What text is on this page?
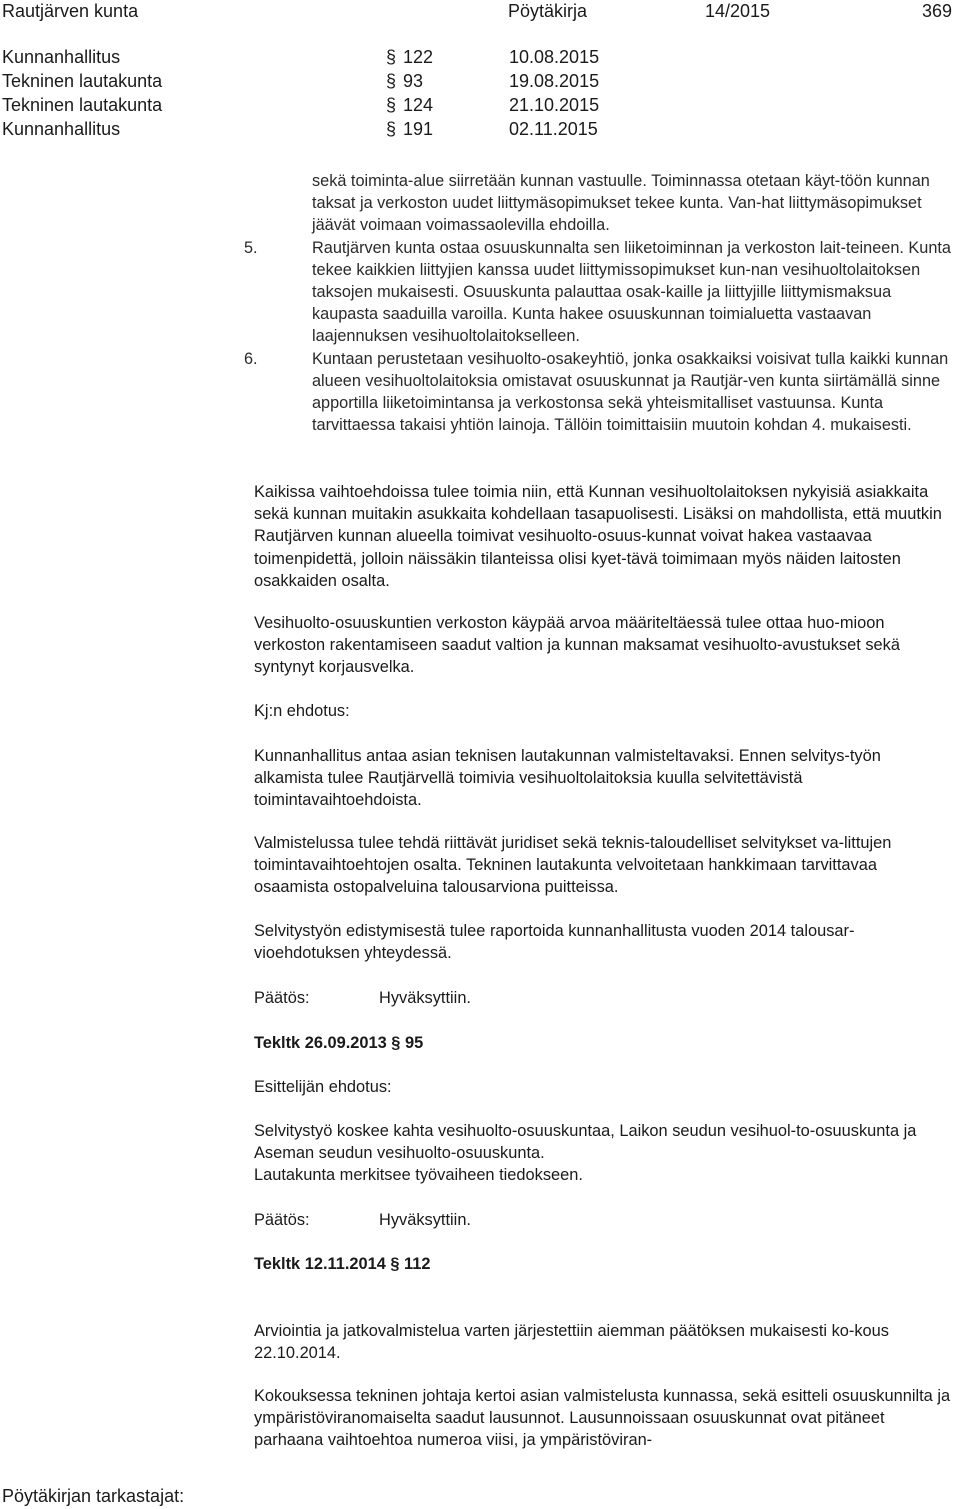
Rautjärven kunta	Pöytäkirja	14/2015	369
Kunnanhallitus	§ 122	10.08.2015
Tekninen lautakunta	§ 93	19.08.2015
Tekninen lautakunta	§ 124	21.10.2015
Kunnanhallitus	§ 191	02.11.2015

sekä toiminta-alue siirretään kunnan vastuulle. Toiminnassa otetaan käyt-töön kunnan taksat ja verkoston uudet liittymäsopimukset tekee kunta. Van-hat liittymäsopimukset jäävät voimaan voimassaolevilla ehdoilla.

5.	Rautjärven kunta ostaa osuuskunnalta sen liiketoiminnan ja verkoston lait-teineen. Kunta tekee kaikkien liittyjien kanssa uudet liittymissopimukset kun-nan vesihuoltolaitoksen taksojen mukaisesti. Osuuskunta palauttaa osak-kaille ja liittyjille liittymismaksua kaupasta saaduilla varoilla. Kunta hakee osuuskunnan toimialuetta vastaavan laajennuksen vesihuoltolaitokselleen.

6.	Kuntaan perustetaan vesihuolto-osakeyhtiö, jonka osakkaiksi voisivat tulla kaikki kunnan alueen vesihuoltolaitoksia omistavat osuuskunnat ja Rautjär-ven kunta siirtämällä sinne apportilla liiketoimintansa ja verkostonsa sekä yhteismitalliset vastuunsa. Kunta tarvittaessa takaisi yhtiön lainoja. Tällöin toimittaisiin muutoin kohdan 4. mukaisesti.

Kaikissa vaihtoehdoissa tulee toimia niin, että Kunnan vesihuoltolaitoksen nykyisiä asiakkaita sekä kunnan muitakin asukkaita kohdellaan tasapuolisesti. Lisäksi on mahdollista, että muutkin Rautjärven kunnan alueella toimivat vesihuolto-osuus-kunnat voivat hakea vastaavaa toimenpidettä, jolloin näissäkin tilanteissa olisi kyet-tävä toimimaan myös näiden laitosten osakkaiden osalta.

Vesihuolto-osuuskuntien verkoston käypää arvoa määriteltäessä tulee ottaa huo-mioon verkoston rakentamiseen saadut valtion ja kunnan maksamat vesihuolto-avustukset sekä syntynyt korjausvelka.

Kj:n ehdotus:

Kunnanhallitus antaa asian teknisen lautakunnan valmisteltavaksi. Ennen selvitys-työn alkamista tulee Rautjärvellä toimivia vesihuoltolaitoksia kuulla selvitettävistä toimintavaihtoehdoista.

Valmistelussa tulee tehdä riittävät juridiset sekä teknis-taloudelliset selvitykset va-littujen toimintavaihtoehtojen osalta. Tekninen lautakunta velvoitetaan hankkimaan tarvittavaa osaamista ostopalveluina talousarviona puitteissa.

Selvitystyön edistymisestä tulee raportoida kunnanhallitusta vuoden 2014 talousar-vioehdotuksen yhteydessä.

Päätös:	Hyväksyttiin.

Tekltk 26.09.2013 § 95

Esittelijän ehdotus:

Selvitystyö koskee kahta vesihuolto-osuuskuntaa, Laikon seudun vesihuol-to-osuuskunta ja Aseman seudun vesihuolto-osuuskunta.

Lautakunta merkitsee työvaiheen tiedokseen.

Päätös:	Hyväksyttiin.

Tekltk 12.11.2014 § 112

Arviointia ja jatkovalmistelua varten järjestettiin aiemman päätöksen mukaisesti ko-kous 22.10.2014.

Kokouksessa tekninen johtaja kertoi asian valmistelusta kunnassa, sekä esitteli osuuskunnilta ja ympäristöviranomaiselta saadut lausunnot. Lausunnoissaan osuuskunnat ovat pitäneet parhaana vaihtoehtoa numeroa viisi, ja ympäristöviran-

Pöytäkirjan tarkastajat:
